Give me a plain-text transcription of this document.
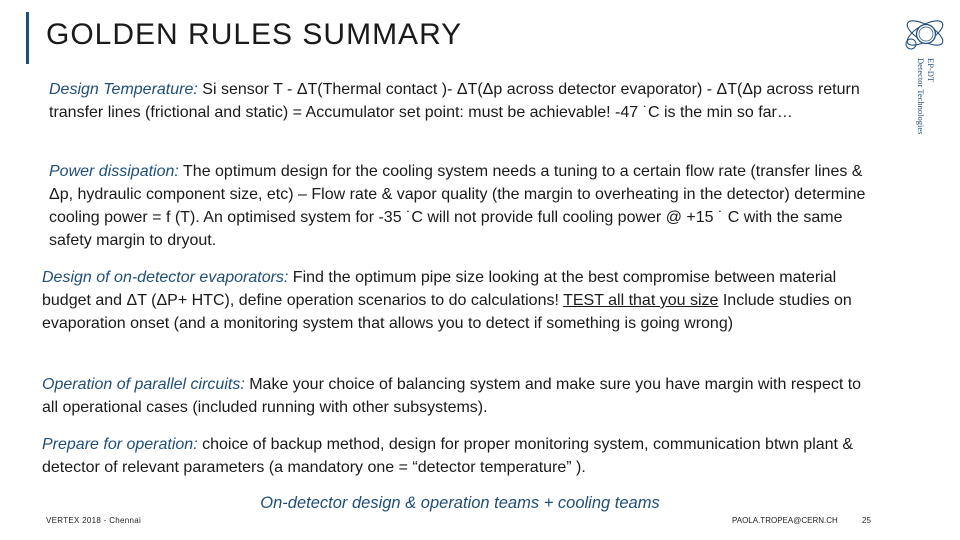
GOLDEN RULES SUMMARY
EP-DT
Detector Technologies
Design Temperature: Si sensor T - ΔT(Thermal contact )- ΔT(Δp across detector evaporator) - ΔT(Δp across return transfer lines (frictional and static) = Accumulator set point: must be achievable! -47 ˙C is the min so far…
Power dissipation: The optimum design for the cooling system needs a tuning to a certain flow rate (transfer lines & Δp, hydraulic component size, etc) – Flow rate & vapor quality (the margin to overheating in the detector) determine cooling power = f (T). An optimised system for -35 ˙C will not provide full cooling power @ +15 ˙ C with the same safety margin to dryout.
Design of on-detector evaporators: Find the optimum pipe size looking at the best compromise between material budget and ΔT (ΔP+ HTC), define operation scenarios to do calculations! TEST all that you size Include studies on evaporation onset (and a monitoring system that allows you to detect if something is going wrong)
Operation of parallel circuits: Make your choice of balancing system and make sure you have margin with respect to all operational cases (included running with other subsystems).
Prepare for operation: choice of backup method, design for proper monitoring system, communication btwn plant & detector of relevant parameters (a mandatory one = “detector temperature” ).
On-detector design & operation teams + cooling teams
VERTEX 2018 - Chennai	PAOLA.TROPEA@CERN.CH	25
